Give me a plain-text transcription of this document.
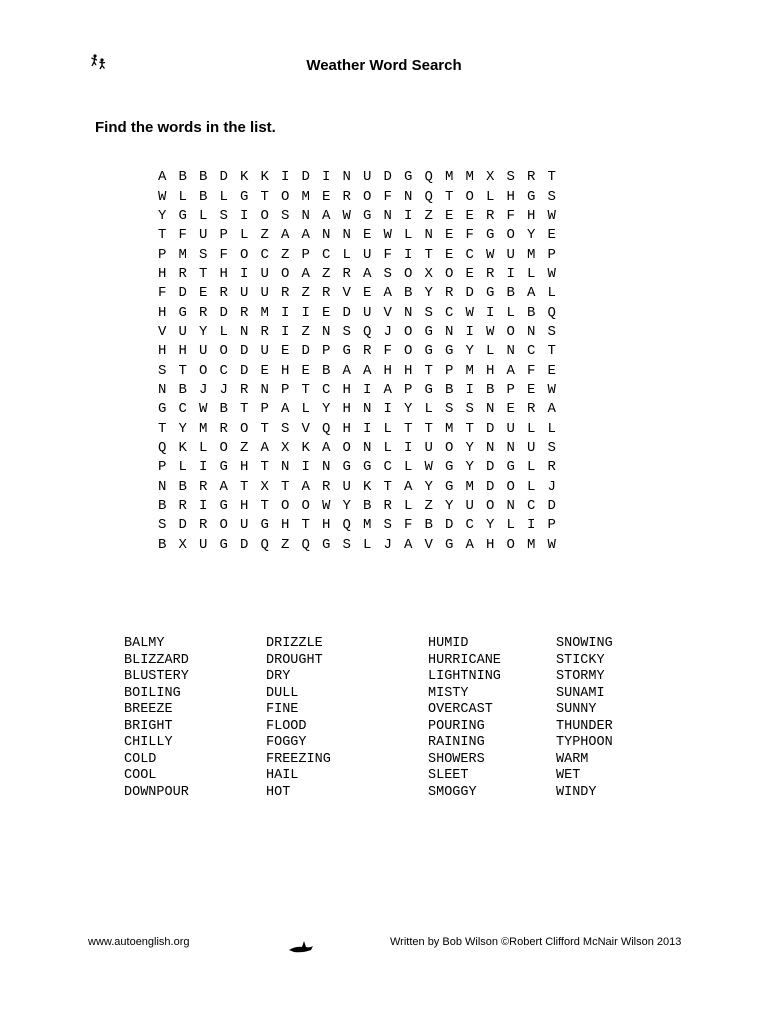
Weather Word Search
Find the words in the list.
A B B D K K I D I N U D G Q M M X S R T
W L B L G T O M E R O F N Q T O L H G S
Y G L S I O S N A W G N I Z E E R F H W
T F U P L Z A A N N E W L N E F G O Y E
P M S F O C Z P C L U F I T E C W U M P
H R T H I U O A Z R A S O X O E R I L W
F D E R U U R Z R V E A B Y R D G B A L
H G R D R M I I E D U V N S C W I L B Q
V U Y L N R I Z N S Q J O G N I W O N S
H H U O D U E D P G R F O G G Y L N C T
S T O C D E H E B A A H H T P M H A F E
N B J J R N P T C H I A P G B I B P E W
G C W B T P A L Y H N I Y L S S N E R A
T Y M R O T S V Q H I L T T M T D U L L
Q K L O Z A X K A O N L I U O Y N N U S
P L I G H T N I N G G C L W G Y D G L R
N B R A T X T A R U K T A Y G M D O L J
B R I G H T O O W Y B R L Z Y U O N C D
S D R O U G H T H Q M S F B D C Y L I P
B X U G D Q Z Q G S L J A V G A H O M W
BALMY
BLIZZARD
BLUSTERY
BOILING
BREEZE
BRIGHT
CHILLY
COLD
COOL
DOWNPOUR
DRIZZLE
DROUGHT
DRY
DULL
FINE
FLOOD
FOGGY
FREEZING
HAIL
HOT
HUMID
HURRICANE
LIGHTNING
MISTY
OVERCAST
POURING
RAINING
SHOWERS
SLEET
SMOGGY
SNOWING
STICKY
STORMY
SUNAMI
SUNNY
THUNDER
TYPHOON
WARM
WET
WINDY
www.autoenglish.org	Written by Bob Wilson ©Robert Clifford McNair Wilson 2013
